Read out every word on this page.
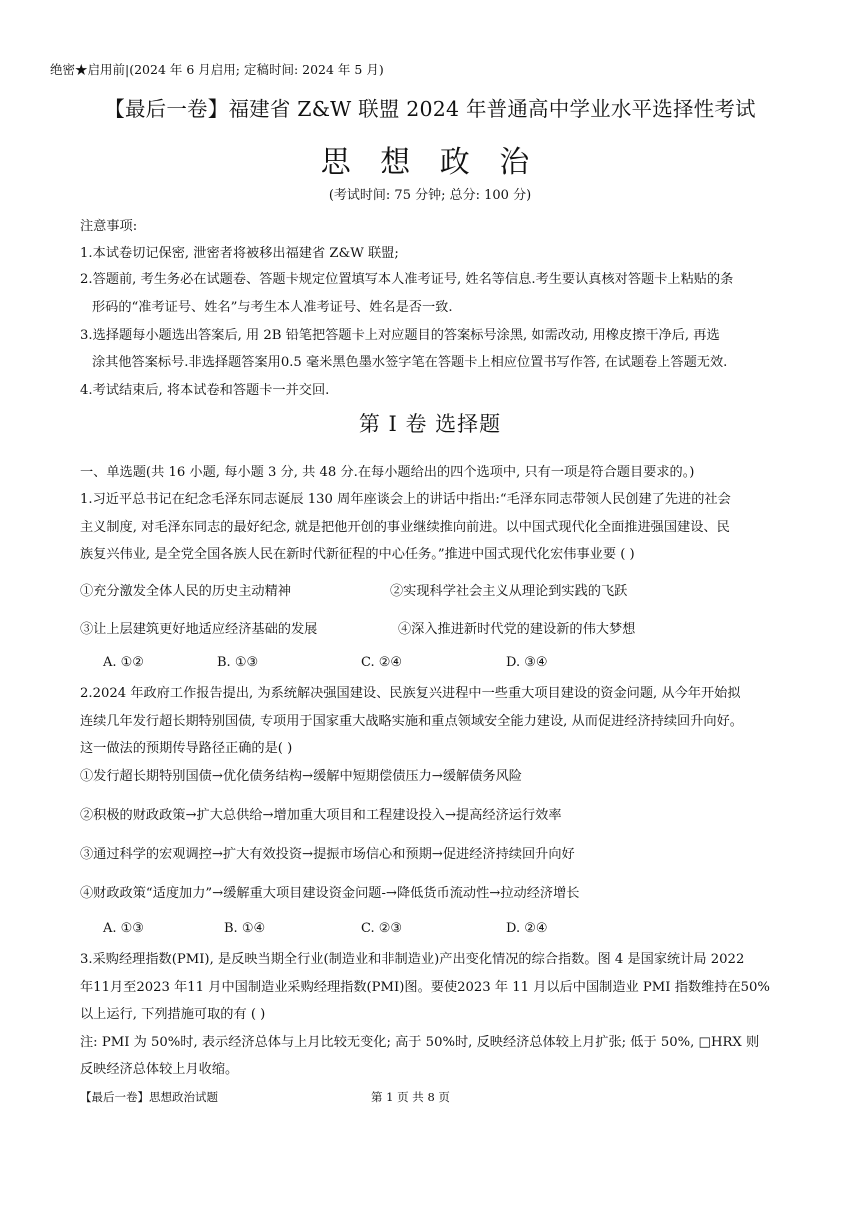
绝密★启用前|(2024 年 6 月启用; 定稿时间: 2024 年 5 月)
【最后一卷】福建省 Z&W 联盟 2024 年普通高中学业水平选择性考试
思 想 政 治
(考试时间: 75 分钟; 总分: 100 分)
注意事项:
1.本试卷切记保密, 泄密者将被移出福建省 Z&W 联盟;
2.答题前, 考生务必在试题卷、答题卡规定位置填写本人准考证号, 姓名等信息.考生要认真核对答题卡上粘贴的条
形码的“准考证号、姓名”与考生本人准考证号、姓名是否一致.
3.选择题每小题选出答案后, 用 2B 铅笔把答题卡上对应题目的答案标号涂黑, 如需改动, 用橡皮擦干净后, 再选
涂其他答案标号.非选择题答案用0.5 毫米黑色墨水签字笔在答题卡上相应位置书写作答, 在试题卷上答题无效.
4.考试结束后, 将本试卷和答题卡一并交回.
第 I 卷 选择题
一、单选题(共 16 小题, 每小题 3 分, 共 48 分.在每小题给出的四个选项中, 只有一项是符合题目要求的。)
1.习近平总书记在纪念毛泽东同志诞辰 130 周年座谈会上的讲话中指出:“毛泽东同志带领人民创建了先进的社会
主义制度, 对毛泽东同志的最好纪念, 就是把他开创的事业继续推向前进。以中国式现代化全面推进强国建设、民
族复兴伟业, 是全党全国各族人民在新时代新征程的中心任务。”推进中国式现代化宏伟事业要 ( )
①充分激发全体人民的历史主动精神	②实现科学社会主义从理论到实践的飞跃
③让上层建筑更好地适应经济基础的发展	④深入推进新时代党的建设新的伟大梦想
A. ①②	B. ①③	C. ②④	D. ③④
2.2024 年政府工作报告提出, 为系统解决强国建设、民族复兴进程中一些重大项目建设的资金问题, 从今年开始拟
连续几年发行超长期特别国债, 专项用于国家重大战略实施和重点领域安全能力建设, 从而促进经济持续回升向好。
这一做法的预期传导路径正确的是( )
①发行超长期特别国债→优化债务结构→缓解中短期偿债压力→缓解债务风险
②积极的财政政策→扩大总供给→增加重大项目和工程建设投入→提高经济运行效率
③通过科学的宏观调控→扩大有效投资→提振市场信心和预期→促进经济持续回升向好
④财政政策“适度加力”→缓解重大项目建设资金问题-→降低货币流动性→拉动经济增长
A. ①③	B. ①④	C. ②③	D. ②④
3.采购经理指数(PMI), 是反映当期全行业(制造业和非制造业)产出变化情况的综合指数。图 4 是国家统计局 2022
年11月至2023 年11 月中国制造业采购经理指数(PMI)图。要使2023 年 11 月以后中国制造业 PMI 指数维持在50%
以上运行, 下列措施可取的有 ( )
注: PMI 为 50%时, 表示经济总体与上月比较无变化; 高于 50%时, 反映经济总体较上月扩张; 低于 50%, □HRX 则
反映经济总体较上月收缩。
【最后一卷】思想政治试题	第 1 页 共 8 页
